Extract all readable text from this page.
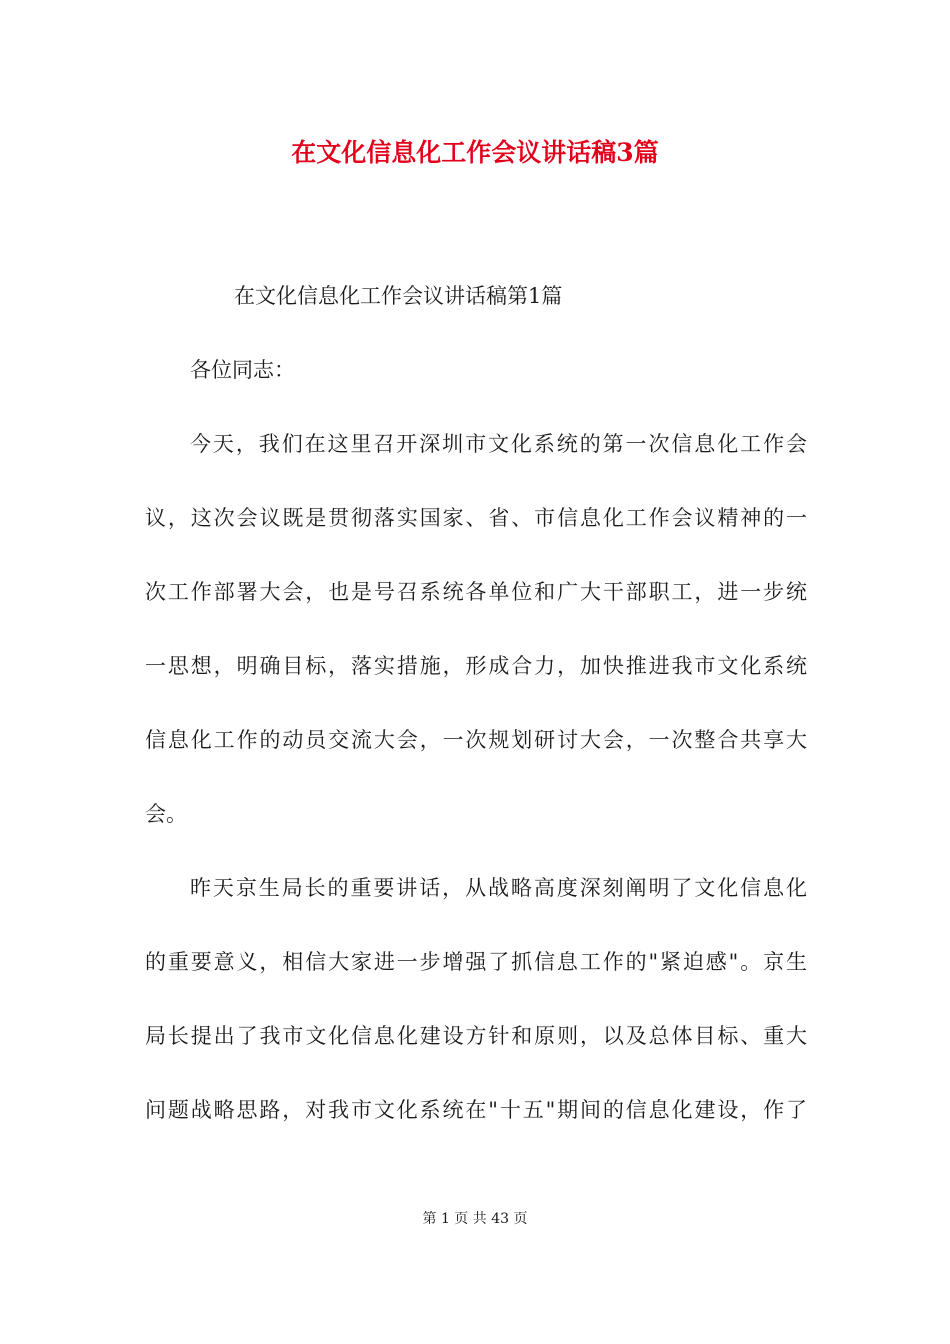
在文化信息化工作会议讲话稿3篇
在文化信息化工作会议讲话稿第1篇
各位同志：
今天，我们在这里召开深圳市文化系统的第一次信息化工作会
议，这次会议既是贯彻落实国家、省、市信息化工作会议精神的一
次工作部署大会，也是号召系统各单位和广大干部职工，进一步统
一思想，明确目标，落实措施，形成合力，加快推进我市文化系统
信息化工作的动员交流大会，一次规划研讨大会，一次整合共享大
会。
昨天京生局长的重要讲话，从战略高度深刻阐明了文化信息化
的重要意义，相信大家进一步增强了抓信息工作的"紧迫感"。京生
局长提出了我市文化信息化建设方针和原则，以及总体目标、重大
问题战略思路，对我市文化系统在"十五"期间的信息化建设，作了
第 1 页 共 43 页
